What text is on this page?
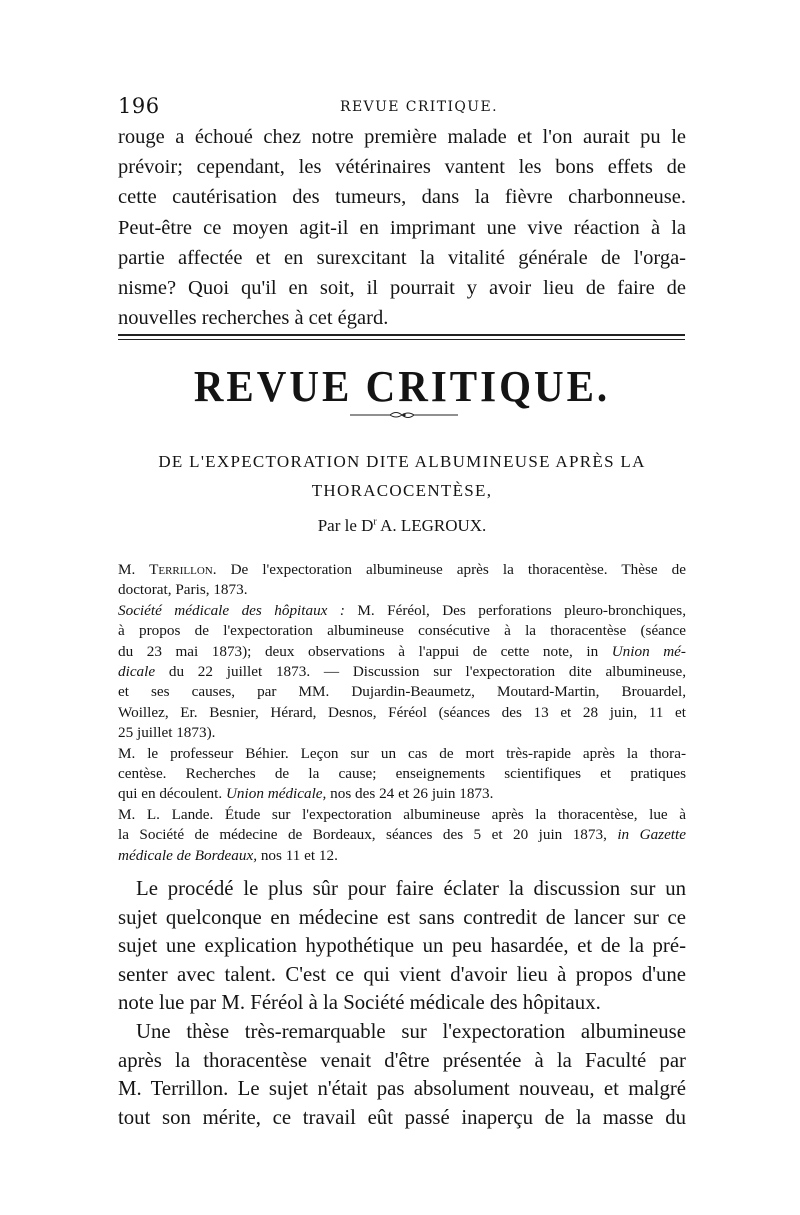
196	REVUE CRITIQUE.

rouge a échoué chez notre première malade et l'on aurait pu le
prévoir; cependant, les vétérinaires vantent les bons effets de
cette cautérisation des tumeurs, dans la fièvre charbonneuse.
Peut-être ce moyen agit-il en imprimant une vive réaction à la
partie affectée et en surexcitant la vitalité générale de l'orga-
nisme? Quoi qu'il en soit, il pourrait y avoir lieu de faire de
nouvelles recherches à cet égard.

REVUE CRITIQUE.
DE L'EXPECTORATION DITE ALBUMINEUSE APRÈS LA
THORACOCENTÈSE,
Par le $D^r$ A. LEGROUX.

M. Terrillon. De l'expectoration albumineuse après la thoracentèse. Thèse de
doctorat, Paris, 1873.

Société médicale des hôpitaux : M. Féréol, Des perforations pleuro-bronchiques,
à propos de l'expectoration albumineuse consécutive à la thoracentèse (séance
du 23 mai 1873); deux observations à l'appui de cette note, in Union mé-
dicale du 22 juillet 1873. — Discussion sur l'expectoration dite albumineuse,
et ses causes, par MM. Dujardin-Beaumetz, Moutard-Martin, Brouardel,
Woillez, Er. Besnier, Hérard, Desnos, Féréol (séances des 13 et 28 juin, 11 et
25 juillet 1873).

M. le professeur Béhier. Leçon sur un cas de mort très-rapide après la thora-
centèse. Recherches de la cause; enseignements scientifiques et pratiques
qui en découlent. Union médicale, nos des 24 et 26 juin 1873.

M. L. Lande. Étude sur l'expectoration albumineuse après la thoracentèse, lue à
la Société de médecine de Bordeaux, séances des 5 et 20 juin 1873, in Gazette
médicale de Bordeaux, nos 11 et 12.

Le procédé le plus sûr pour faire éclater la discussion sur un
sujet quelconque en médecine est sans contredit de lancer sur ce
sujet une explication hypothétique un peu hasardée, et de la pré-
senter avec talent. C'est ce qui vient d'avoir lieu à propos d'une
note lue par M. Féréol à la Société médicale des hôpitaux.

Une thèse très-remarquable sur l'expectoration albumineuse
après la thoracentèse venait d'être présentée à la Faculté par
M. Terrillon. Le sujet n'était pas absolument nouveau, et malgré
tout son mérite, ce travail eût passé inaperçu de la masse du
